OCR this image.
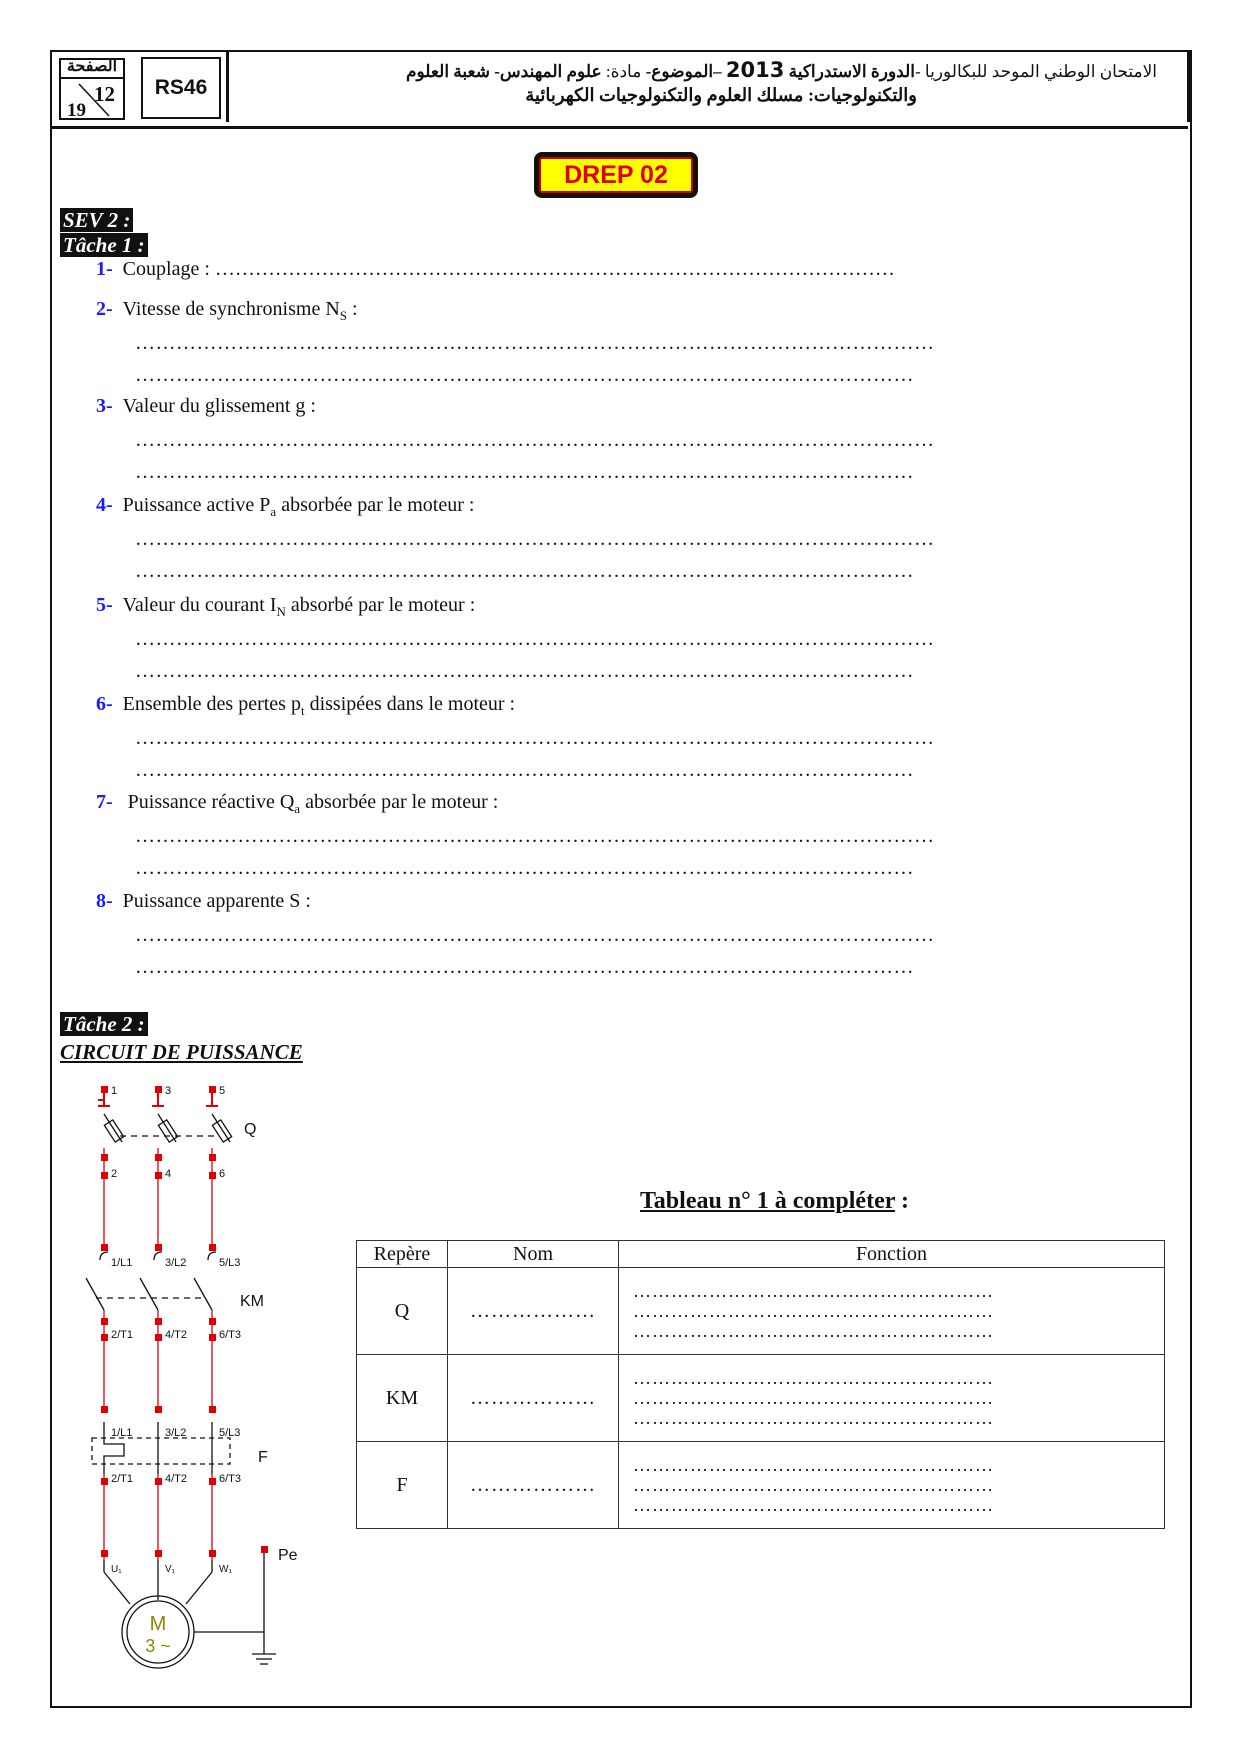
الصفحة
12
19
RS46
الامتحان الوطني الموحد للبكالوريا -الدورة الاستدراكية 2013 –الموضوع- مادة: علوم المهندس- شعبة العلوم
والتكنولوجيات: مسلك العلوم والتكنولوجيات الكهربائية
DREP 02
SEV 2 :
Tâche 1 :
1- Couplage : …………………………………………………………………………………………
2- Vitesse de synchronisme $N_S$ :
………………………………………………………………………………………………………
……………………………………………………………………………………………………
3- Valeur du glissement g :
………………………………………………………………………………………………………
……………………………………………………………………………………………………
4- Puissance active $P_a$ absorbée par le moteur :
………………………………………………………………………………………………………
……………………………………………………………………………………………………
5- Valeur du courant $I_N$ absorbé par le moteur :
………………………………………………………………………………………………………
……………………………………………………………………………………………………
6- Ensemble des pertes $p_t$ dissipées dans le moteur :
………………………………………………………………………………………………………
……………………………………………………………………………………………………
7- Puissance réactive $Q_a$ absorbée par le moteur :
………………………………………………………………………………………………………
……………………………………………………………………………………………………
8- Puissance apparente S :
………………………………………………………………………………………………………
……………………………………………………………………………………………………
Tâche 2 :
CIRCUIT DE PUISSANCE
1	3	5
Q
2	4	6
1/L1	3/L2	5/L3
KM
2/T1	4/T2	6/T3
1/L1	3/L2	5/L3
F
2/T1	4/T2	6/T3
U₁	V₁	W₁
Pe
M
3 ~
Tableau n° 1 à compléter :
Repère	Nom	Fonction
Q	………………	…………………………………………………
…………………………………………………
…………………………………………………

KM	………………	…………………………………………………
…………………………………………………
…………………………………………………

F	………………	…………………………………………………
…………………………………………………
…………………………………………………
